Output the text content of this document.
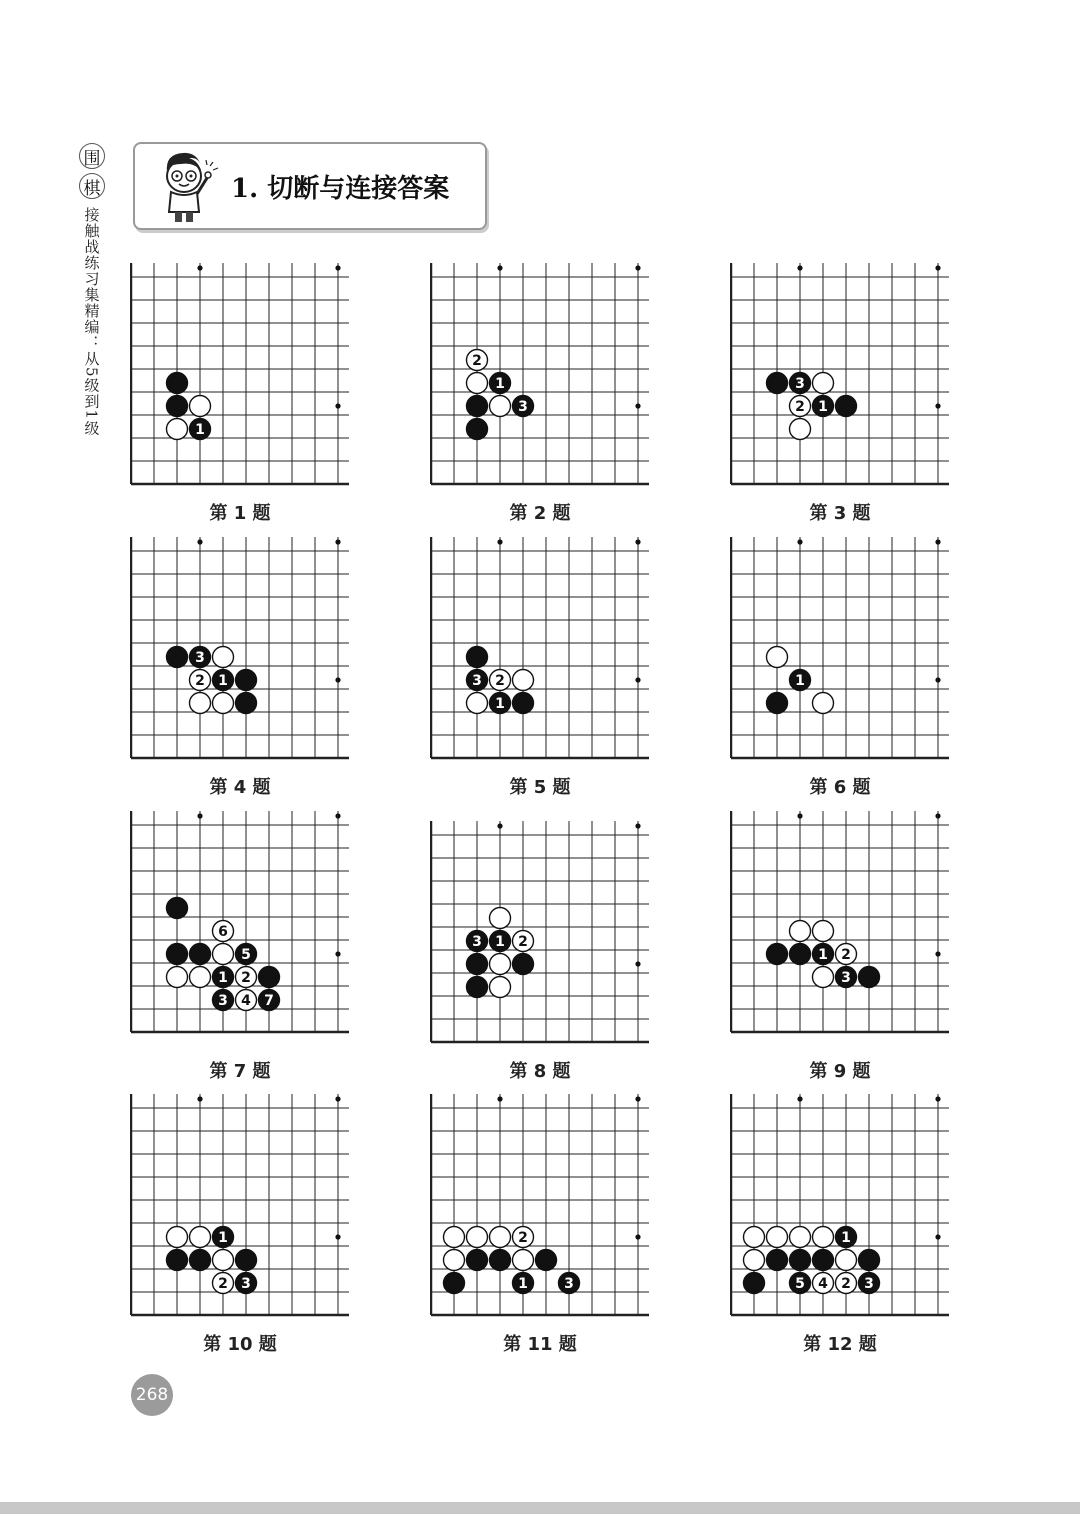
围
棋
接触战练习集精编：从5级到1级
1. 切断与连接答案
1
第 1 题
2
1
3
第 2 题
3
2 1
第 3 题
3
2 1
第 4 题
3 2
1
第 5 题
1
第 6 题
6
5
1 2
3 4 7
第 7 题
3 1 2
第 8 题
1 2
3
第 9 题
1
2 3
第 10 题
2
1	3
第 11 题
1
5 4 2 3
第 12 题
268
